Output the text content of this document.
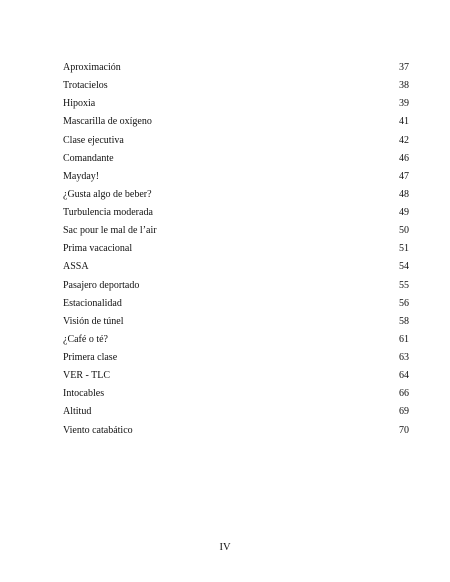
Aproximación	37
Trotacielos	38
Hipoxia	39
Mascarilla de oxígeno	41
Clase ejecutiva	42
Comandante	46
Mayday!	47
¿Gusta algo de beber?	48
Turbulencia moderada	49
Sac pour le mal de l’air	50
Prima vacacional	51
ASSA	54
Pasajero deportado	55
Estacionalidad	56
Visión de túnel	58
¿Café o té?	61
Primera clase	63
VER - TLC	64
Intocables	66
Altitud	69
Viento catabático	70
IV
